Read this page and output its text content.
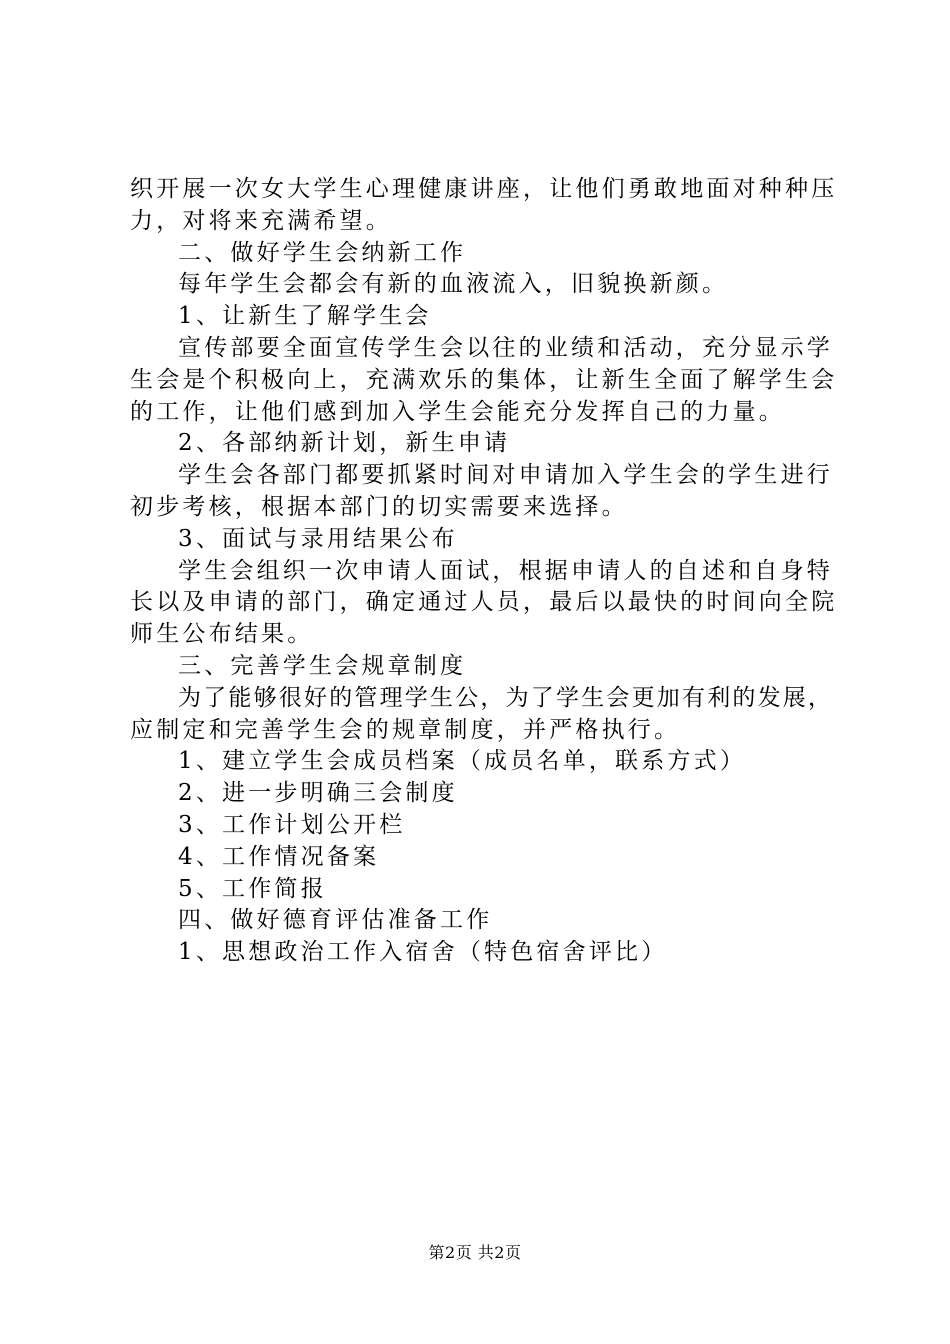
织开展一次女大学生心理健康讲座，让他们勇敢地面对种种压
力，对将来充满希望。
二、做好学生会纳新工作
每年学生会都会有新的血液流入，旧貌换新颜。
1、让新生了解学生会
宣传部要全面宣传学生会以往的业绩和活动，充分显示学
生会是个积极向上，充满欢乐的集体，让新生全面了解学生会
的工作，让他们感到加入学生会能充分发挥自己的力量。
2、各部纳新计划，新生申请
学生会各部门都要抓紧时间对申请加入学生会的学生进行
初步考核，根据本部门的切实需要来选择。
3、面试与录用结果公布
学生会组织一次申请人面试，根据申请人的自述和自身特
长以及申请的部门，确定通过人员，最后以最快的时间向全院
师生公布结果。
三、完善学生会规章制度
为了能够很好的管理学生公，为了学生会更加有利的发展，
应制定和完善学生会的规章制度，并严格执行。
1、建立学生会成员档案（成员名单，联系方式）
2、进一步明确三会制度
3、工作计划公开栏
4、工作情况备案
5、工作简报
四、做好德育评估准备工作
1、思想政治工作入宿舍（特色宿舍评比）
第2页 共2页
